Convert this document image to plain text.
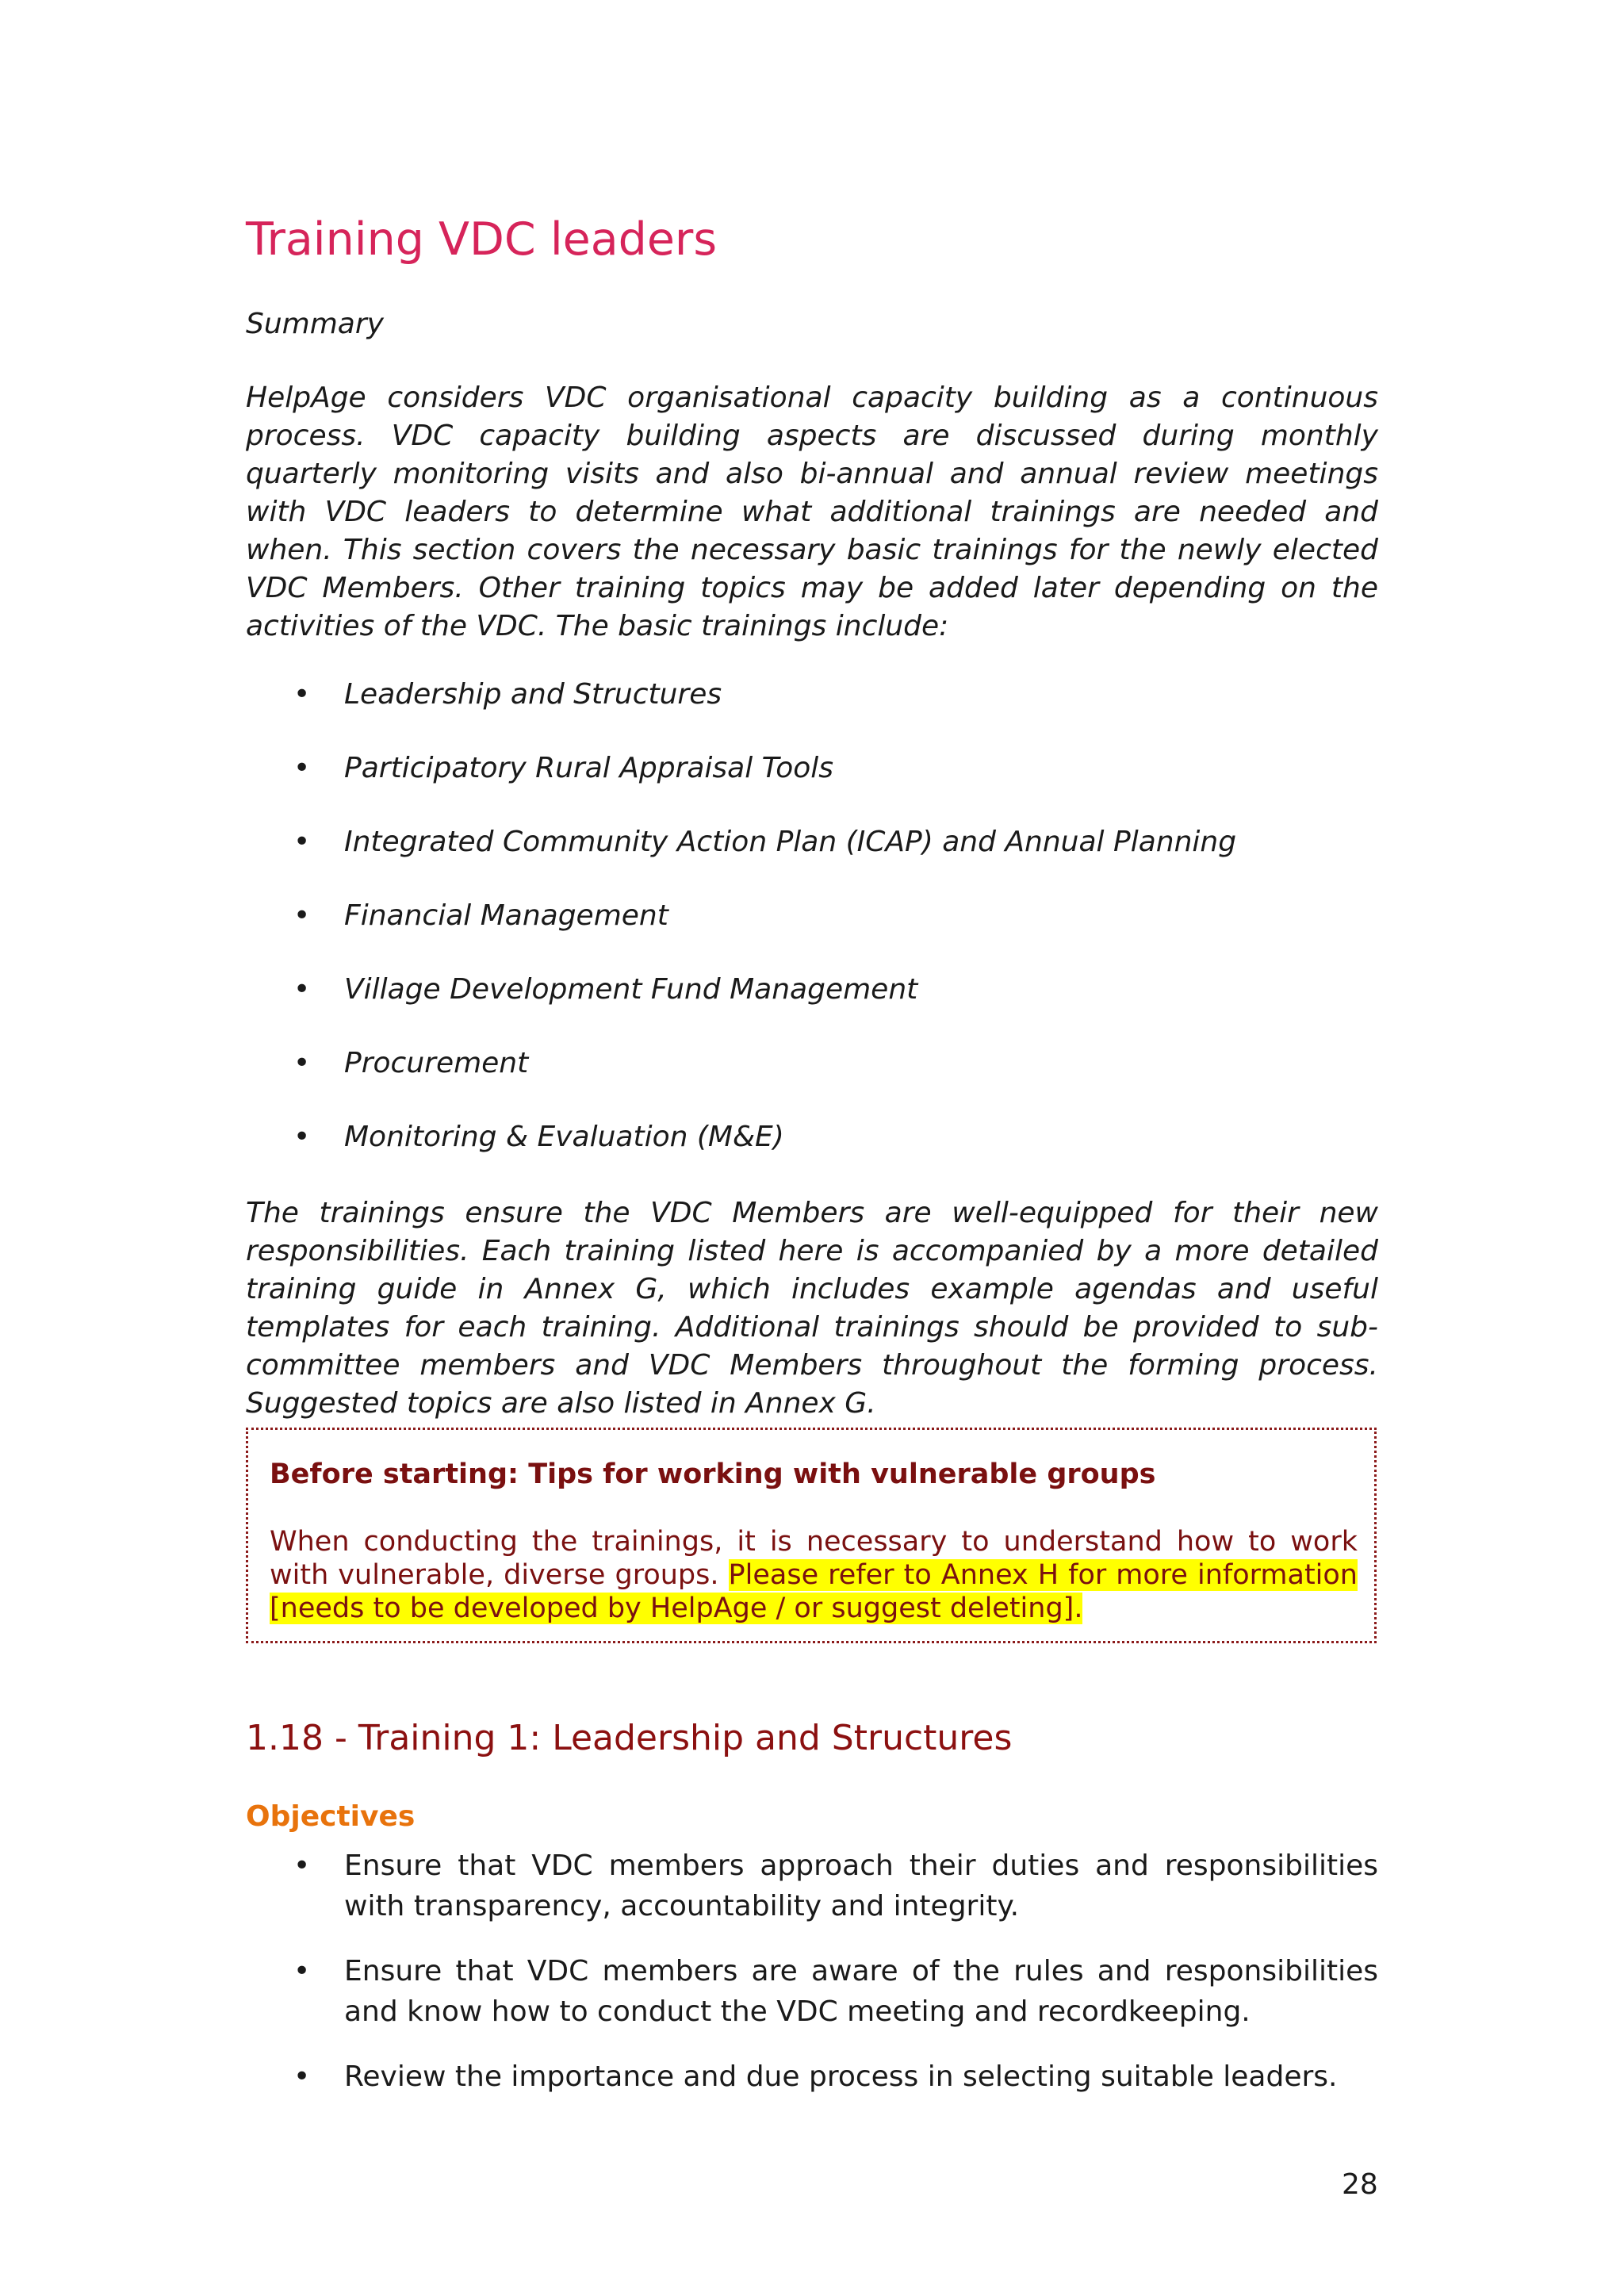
Training VDC leaders

Summary

HelpAge considers VDC organisational capacity building as a continuous process. VDC capacity building aspects are discussed during monthly quarterly monitoring visits and also bi-annual and annual review meetings with VDC leaders to determine what additional trainings are needed and when. This section covers the necessary basic trainings for the newly elected VDC Members. Other training topics may be added later depending on the activities of the VDC. The basic trainings include:

• Leadership and Structures
• Participatory Rural Appraisal Tools
• Integrated Community Action Plan (ICAP) and Annual Planning
• Financial Management
• Village Development Fund Management
• Procurement
• Monitoring & Evaluation (M&E)

The trainings ensure the VDC Members are well-equipped for their new responsibilities. Each training listed here is accompanied by a more detailed training guide in Annex G, which includes example agendas and useful templates for each training. Additional trainings should be provided to sub-committee members and VDC Members throughout the forming process. Suggested topics are also listed in Annex G.

Before starting: Tips for working with vulnerable groups

When conducting the trainings, it is necessary to understand how to work with vulnerable, diverse groups. Please refer to Annex H for more information [needs to be developed by HelpAge / or suggest deleting].

1.18 - Training 1: Leadership and Structures
Objectives
• Ensure that VDC members approach their duties and responsibilities with transparency, accountability and integrity.
• Ensure that VDC members are aware of the rules and responsibilities and know how to conduct the VDC meeting and recordkeeping.
• Review the importance and due process in selecting suitable leaders.

28
